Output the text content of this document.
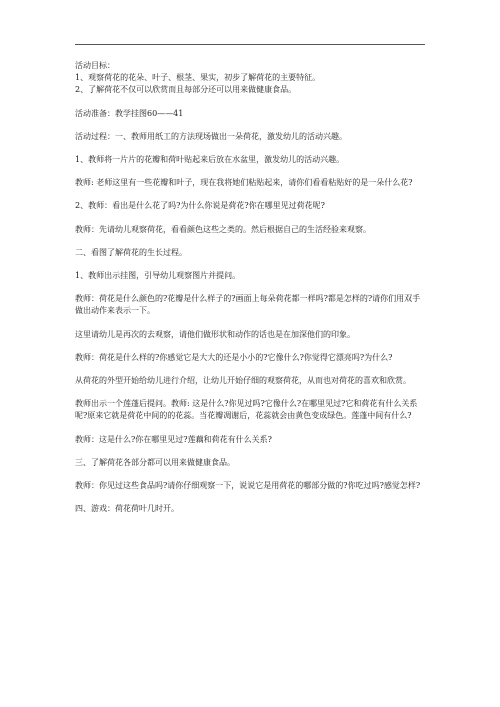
活动目标：

1、观察荷花的花朵、叶子、根茎、果实，初步了解荷花的主要特征。

2、了解荷花不仅可以欣赏而且每部分还可以用来做健康食品。

活动准备：教学挂图60——41

活动过程：一、教师用纸工的方法现场做出一朵荷花，激发幼儿的活动兴趣。

1、教师将一片片的花瓣和荷叶贴起来后放在水盆里，激发幼儿的活动兴趣。

教师: 老师这里有一些花瓣和叶子，现在我将她们粘贴起来，请你们看看粘贴好的是一朵什么花?

2、教师：看出是什么花了吗?为什么你说是荷花?你在哪里见过荷花呢?

教师：先请幼儿观察荷花，看看颜色这些之类的。然后根据自己的生活经验来观察。

二、看图了解荷花的生长过程。

1、教师出示挂图，引导幼儿观察图片并提问。

教师：荷花是什么颜色的?花瓣是什么样子的?画面上每朵荷花都一样吗?都是怎样的?请你们用双手做出动作来表示一下。

这里请幼儿是再次的去观察，请他们做形状和动作的话也是在加深他们的印象。

教师：荷花是什么样的?你感觉它是大大的还是小小的?它像什么?你觉得它漂亮吗?为什么?

从荷花的外型开始给幼儿进行介绍，让幼儿开始仔细的观察荷花，从而也对荷花的喜欢和欣赏。

教师出示一个莲蓬后提问。教师: 这是什么?你见过吗?它像什么?在哪里见过?它和荷花有什么关系呢?原来它就是荷花中间的的花蕊。当花瓣凋谢后，花蕊就会由黄色变成绿色。莲蓬中间有什么?

教师：这是什么?你在哪里见过?莲藕和荷花有什么关系?

三、了解荷花各部分都可以用来做健康食品。

教师：你见过这些食品吗?请你仔细观察一下，说说它是用荷花的哪部分做的?你吃过吗?感觉怎样?

四、游戏：荷花荷叶几时开。
